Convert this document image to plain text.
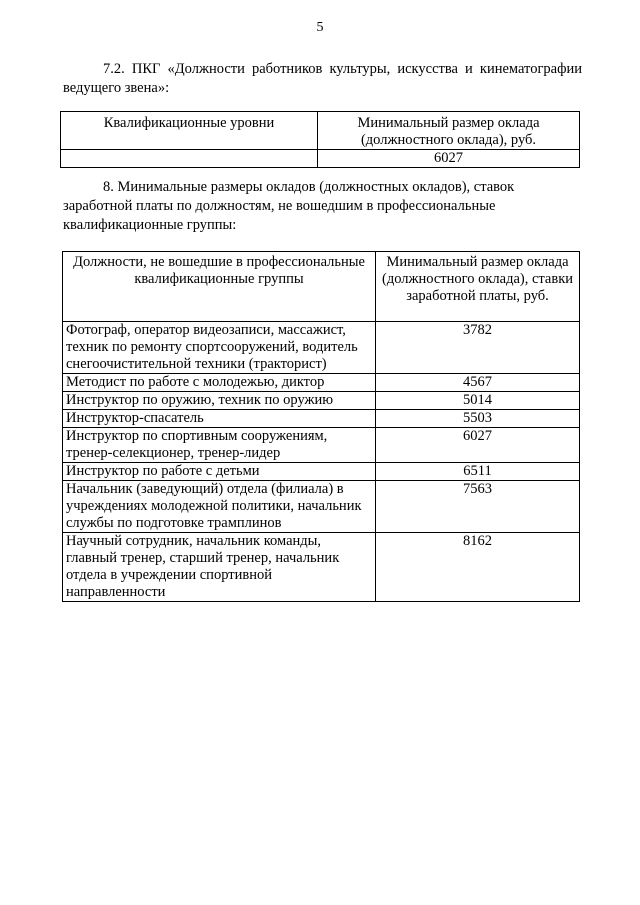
5
7.2. ПКГ «Должности работников культуры, искусства и кинематографии ведущего звена»:
Квалификационные уровни	Минимальный размер оклада (должностного оклада), руб.
	6027
8. Минимальные размеры окладов (должностных окладов), ставок
заработной платы по должностям, не вошедшим в профессиональные
квалификационные группы:
Должности, не вошедшие в профессиональные квалификационные группы	Минимальный размер оклада (должностного оклада), ставки заработной платы, руб.
Фотограф, оператор видеозаписи, массажист, техник по ремонту спортсооружений, водитель снегоочистительной техники (тракторист)	3782
Методист по работе с молодежью, диктор	4567
Инструктор по оружию, техник по оружию	5014
Инструктор-спасатель	5503
Инструктор по спортивным сооружениям, тренер-селекционер, тренер-лидер	6027
Инструктор по работе с детьми	6511
Начальник (заведующий) отдела (филиала) в учреждениях молодежной политики, начальник службы по подготовке трамплинов	7563
Научный сотрудник, начальник команды, главный тренер, старший тренер, начальник отдела в учреждении спортивной направленности	8162
